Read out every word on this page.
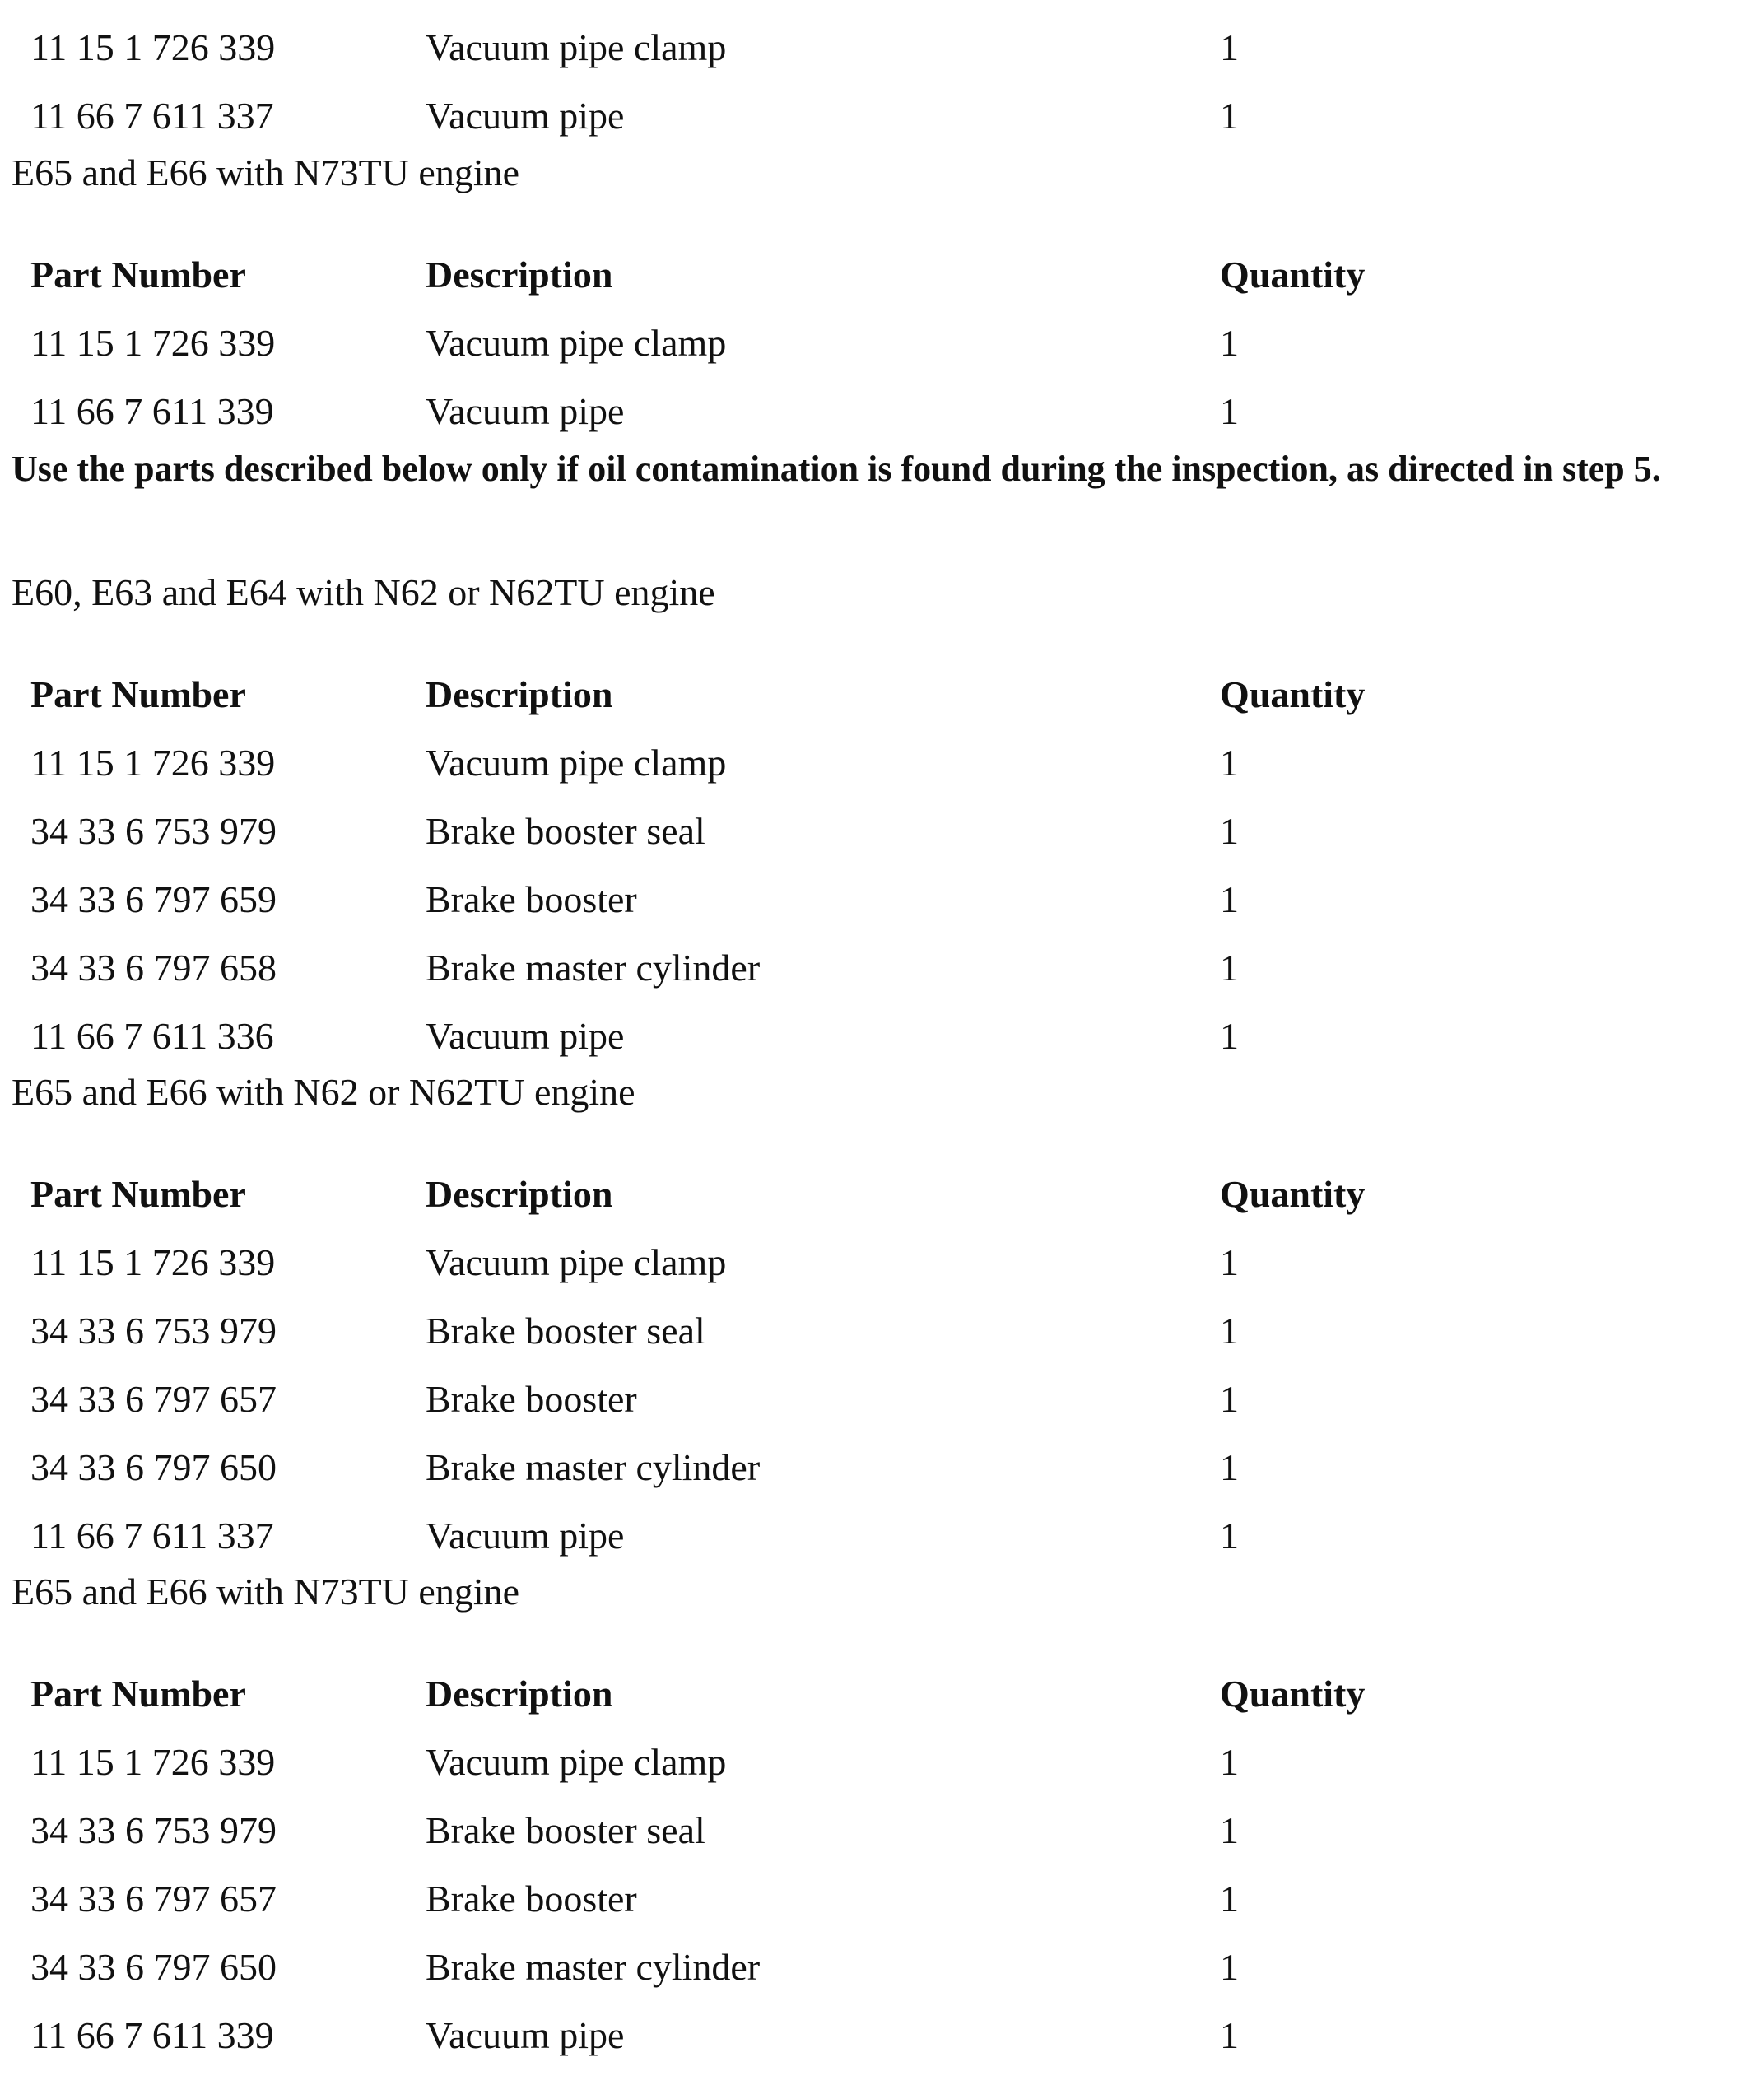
11 15 1 726 339	Vacuum pipe clamp	1
11 66 7 611 337	Vacuum pipe	1
E65 and E66 with N73TU engine
Part Number	Description	Quantity
11 15 1 726 339	Vacuum pipe clamp	1
11 66 7 611 339	Vacuum pipe	1
Use the parts described below only if oil contamination is found during the inspection, as directed in step 5.
E60, E63 and E64 with N62 or N62TU engine
Part Number	Description	Quantity
11 15 1 726 339	Vacuum pipe clamp	1
34 33 6 753 979	Brake booster seal	1
34 33 6 797 659	Brake booster	1
34 33 6 797 658	Brake master cylinder	1
11 66 7 611 336	Vacuum pipe	1
E65 and E66 with N62 or N62TU engine
Part Number	Description	Quantity
11 15 1 726 339	Vacuum pipe clamp	1
34 33 6 753 979	Brake booster seal	1
34 33 6 797 657	Brake booster	1
34 33 6 797 650	Brake master cylinder	1
11 66 7 611 337	Vacuum pipe	1
E65 and E66 with N73TU engine
Part Number	Description	Quantity
11 15 1 726 339	Vacuum pipe clamp	1
34 33 6 753 979	Brake booster seal	1
34 33 6 797 657	Brake booster	1
34 33 6 797 650	Brake master cylinder	1
11 66 7 611 339	Vacuum pipe	1
